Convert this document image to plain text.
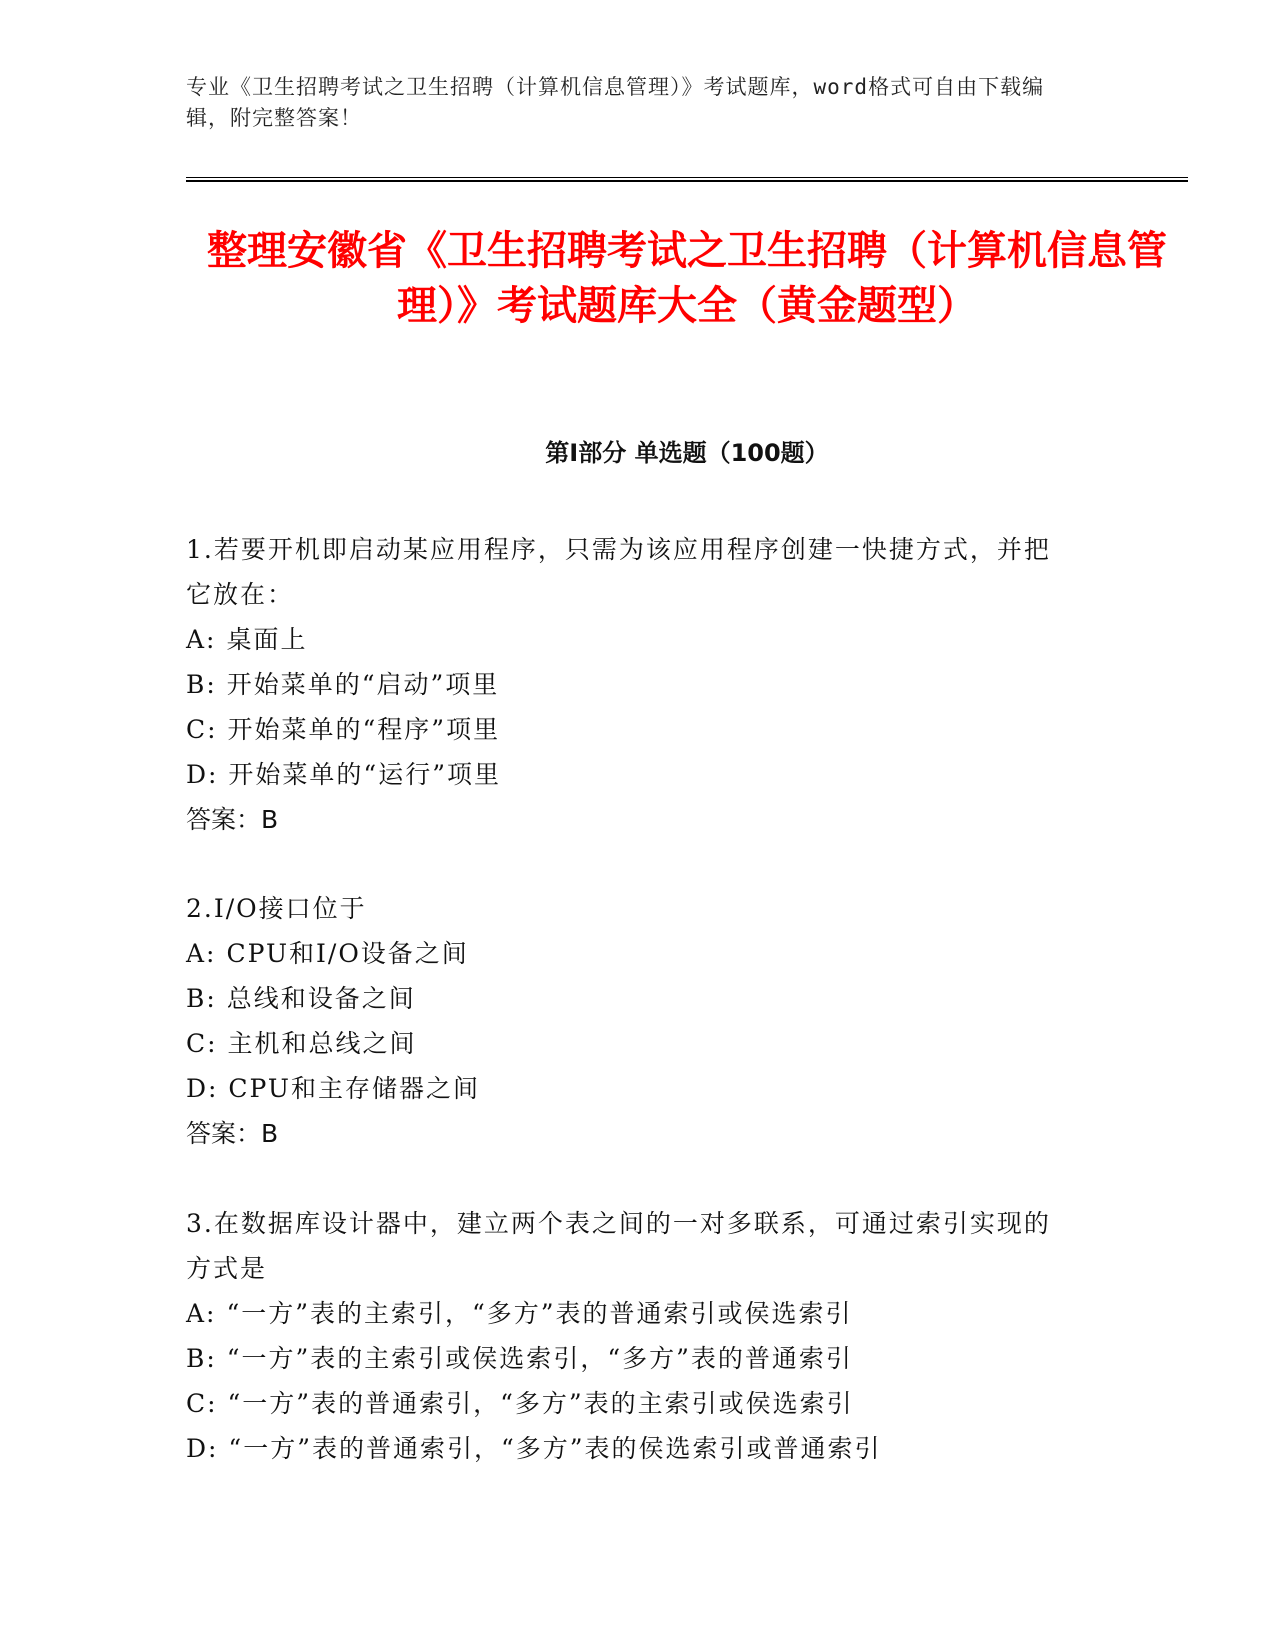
专业《卫生招聘考试之卫生招聘（计算机信息管理）》考试题库，word格式可自由下载编辑，附完整答案！
整理安徽省《卫生招聘考试之卫生招聘（计算机信息管理）》考试题库大全（黄金题型）
第I部分 单选题（100题）

1.若要开机即启动某应用程序，只需为该应用程序创建一快捷方式，并把它放在：

A: 桌面上

B: 开始菜单的“启动”项里

C: 开始菜单的“程序”项里

D: 开始菜单的“运行”项里

答案：B

2.I/O接口位于

A: CPU和I/O设备之间

B: 总线和设备之间

C: 主机和总线之间

D: CPU和主存储器之间

答案：B

3.在数据库设计器中，建立两个表之间的一对多联系，可通过索引实现的方式是

A: “一方”表的主索引，“多方”表的普通索引或侯选索引

B: “一方”表的主索引或侯选索引，“多方”表的普通索引

C: “一方”表的普通索引，“多方”表的主索引或侯选索引

D: “一方”表的普通索引，“多方”表的侯选索引或普通索引
